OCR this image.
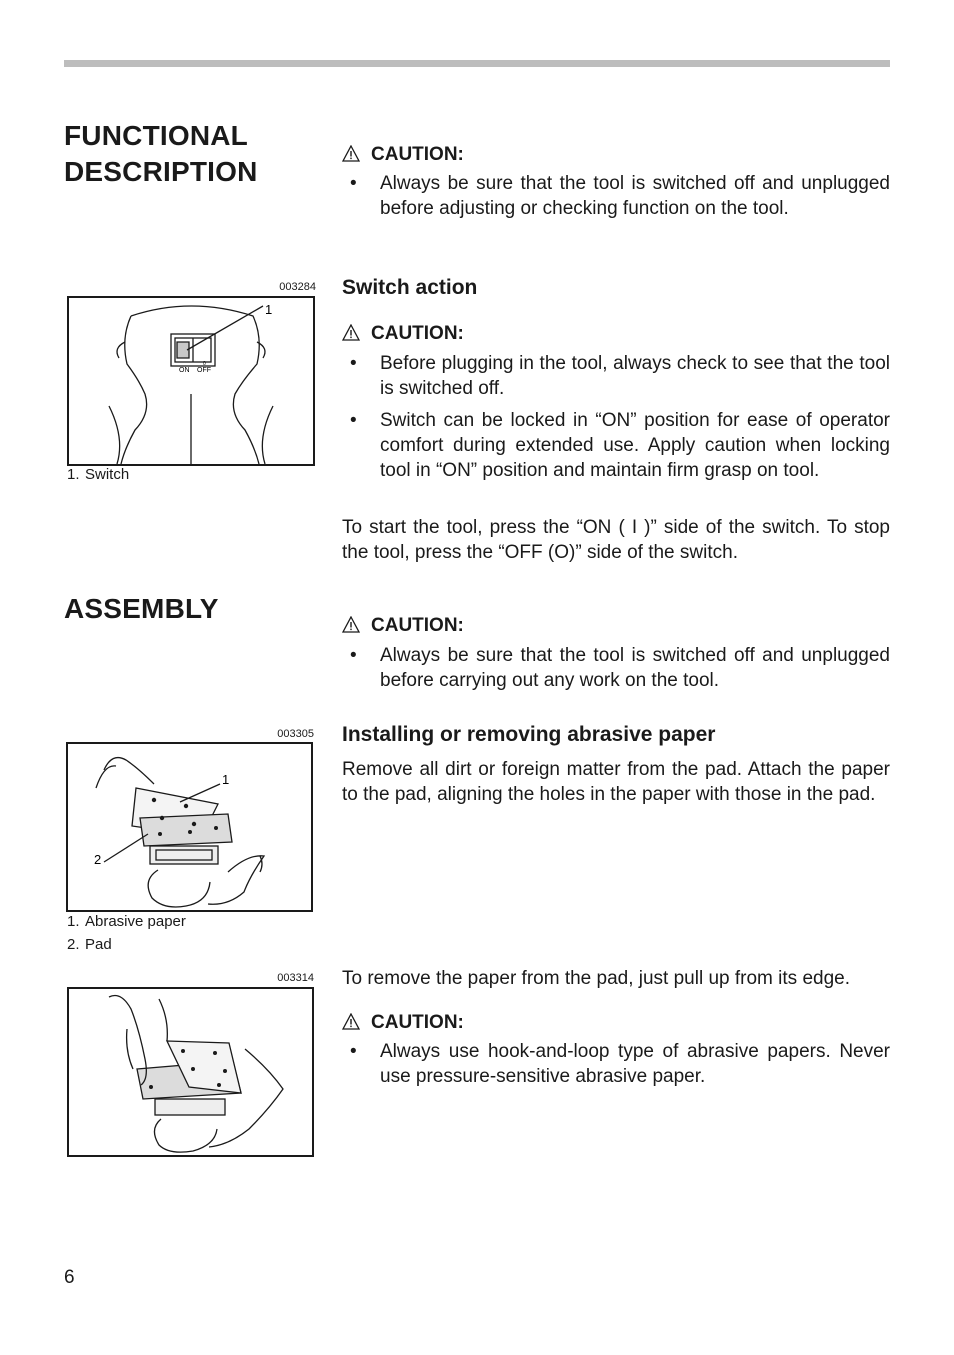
FUNCTIONAL
DESCRIPTION
ASSEMBLY
CAUTION:
• Always be sure that the tool is switched off and unplugged before adjusting or checking function on the tool.
Switch action
CAUTION:
• Before plugging in the tool, always check to see that the tool is switched off.
• Switch can be locked in “ON” position for ease of operator comfort during extended use. Apply caution when locking tool in “ON” position and maintain firm grasp on tool.

To start the tool, press the “ON ( I )” side of the switch. To stop the tool, press the “OFF (O)” side of the switch.

CAUTION:
• Always be sure that the tool is switched off and unplugged before carrying out any work on the tool.
Installing or removing abrasive paper

Remove all dirt or foreign matter from the pad. Attach the paper to the pad, aligning the holes in the paper with those in the pad.

To remove the paper from the pad, just pull up from its edge.

CAUTION:
• Always use hook-and-loop type of abrasive papers. Never use pressure-sensitive abrasive paper.
003284
ON OFF
0
1
1. Switch
003305
1
2
1. Abrasive paper
2. Pad
003314
6
